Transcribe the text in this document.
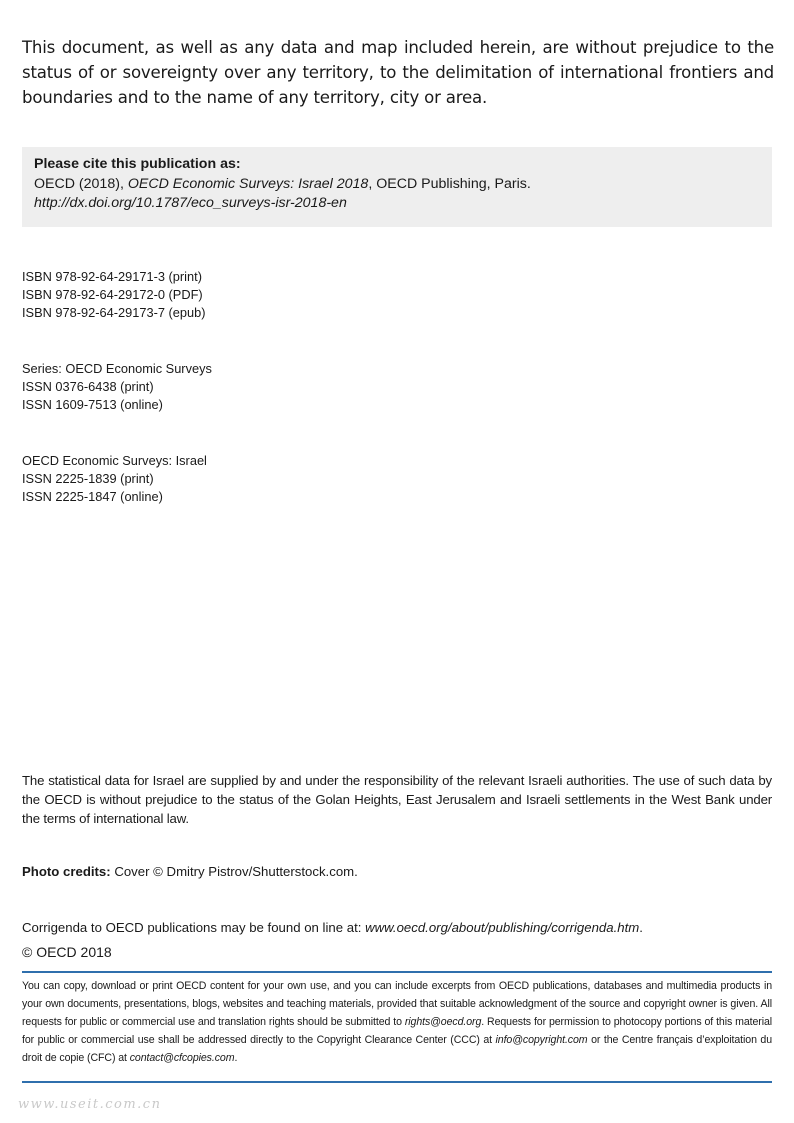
This document, as well as any data and map included herein, are without prejudice to the status of or sovereignty over any territory, to the delimitation of international frontiers and boundaries and to the name of any territory, city or area.

Please cite this publication as:
OECD (2018), OECD Economic Surveys: Israel 2018, OECD Publishing, Paris.
http://dx.doi.org/10.1787/eco_surveys-isr-2018-en
ISBN 978-92-64-29171-3 (print)
ISBN 978-92-64-29172-0 (PDF)
ISBN 978-92-64-29173-7 (epub)
Series: OECD Economic Surveys
ISSN 0376-6438 (print)
ISSN 1609-7513 (online)
OECD Economic Surveys: Israel
ISSN 2225-1839 (print)
ISSN 2225-1847 (online)

The statistical data for Israel are supplied by and under the responsibility of the relevant Israeli authorities. The use of such data by the OECD is without prejudice to the status of the Golan Heights, East Jerusalem and Israeli settlements in the West Bank under the terms of international law.

Photo credits: Cover © Dmitry Pistrov/Shutterstock.com.
Corrigenda to OECD publications may be found on line at: www.oecd.org/about/publishing/corrigenda.htm.
© OECD 2018

You can copy, download or print OECD content for your own use, and you can include excerpts from OECD publications, databases and multimedia products in your own documents, presentations, blogs, websites and teaching materials, provided that suitable acknowledgment of the source and copyright owner is given. All requests for public or commercial use and translation rights should be submitted to rights@oecd.org. Requests for permission to photocopy portions of this material for public or commercial use shall be addressed directly to the Copyright Clearance Center (CCC) at info@copyright.com or the Centre français d’exploitation du droit de copie (CFC) at contact@cfcopies.com.

www.useit.com.cn
